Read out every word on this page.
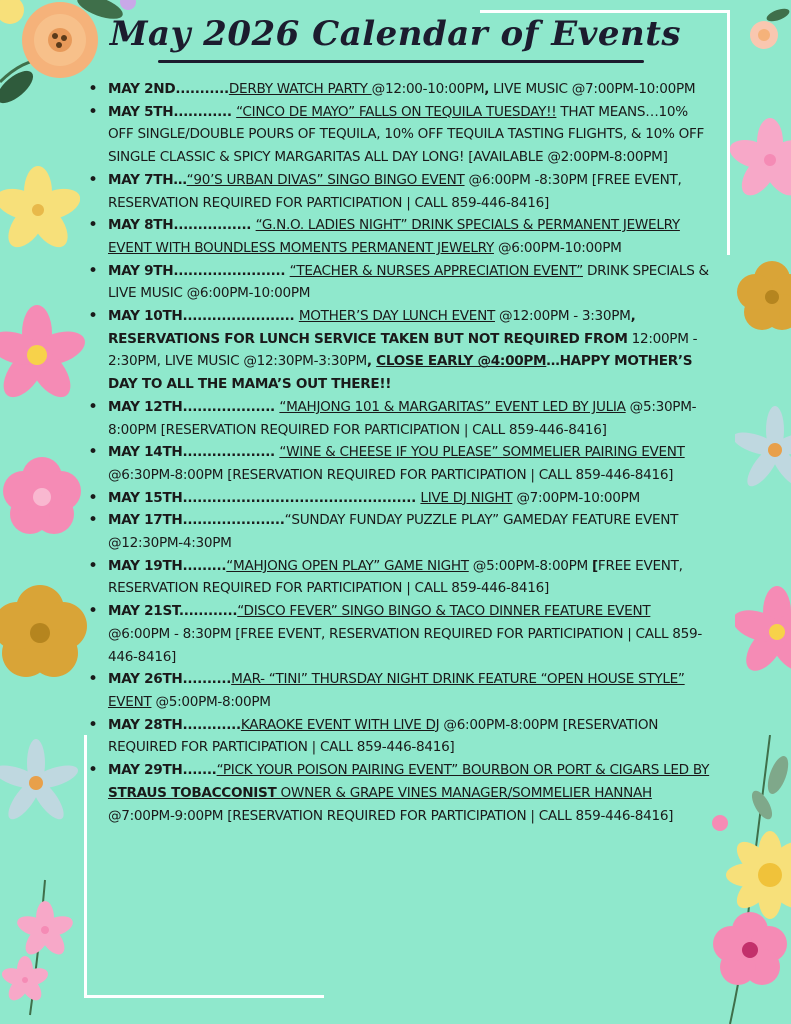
May 2026 Calendar of Events
• MAY 2ND...........DERBY WATCH PARTY @12:00-10:00PM, LIVE MUSIC @7:00PM-10:00PM
• MAY 5TH............ “CINCO DE MAYO” FALLS ON TEQUILA TUESDAY!! THAT MEANS…10% OFF SINGLE/DOUBLE POURS OF TEQUILA, 10% OFF TEQUILA TASTING FLIGHTS, & 10% OFF SINGLE CLASSIC & SPICY MARGARITAS ALL DAY LONG! [AVAILABLE @2:00PM-8:00PM]
• MAY 7TH…“90’S URBAN DIVAS” SINGO BINGO EVENT @6:00PM -8:30PM [FREE EVENT, RESERVATION REQUIRED FOR PARTICIPATION | CALL 859-446-8416]
• MAY 8TH................ “G.N.O. LADIES NIGHT” DRINK SPECIALS & PERMANENT JEWELRY EVENT WITH BOUNDLESS MOMENTS PERMANENT JEWELRY @6:00PM-10:00PM
• MAY 9TH....................... “TEACHER & NURSES APPRECIATION EVENT” DRINK SPECIALS & LIVE MUSIC @6:00PM-10:00PM
• MAY 10TH....................... MOTHER’S DAY LUNCH EVENT @12:00PM - 3:30PM, RESERVATIONS FOR LUNCH SERVICE TAKEN BUT NOT REQUIRED FROM 12:00PM - 2:30PM, LIVE MUSIC @12:30PM-3:30PM, CLOSE EARLY @4:00PM…HAPPY MOTHER’S DAY TO ALL THE MAMA’S OUT THERE!!
• MAY 12TH................... “MAHJONG 101 & MARGARITAS” EVENT LED BY JULIA @5:30PM-8:00PM [RESERVATION REQUIRED FOR PARTICIPATION | CALL 859-446-8416]
• MAY 14TH................... “WINE & CHEESE IF YOU PLEASE” SOMMELIER PAIRING EVENT @6:30PM-8:00PM [RESERVATION REQUIRED FOR PARTICIPATION | CALL 859-446-8416]
• MAY 15TH................................................ LIVE DJ NIGHT @7:00PM-10:00PM
• MAY 17TH.....................“SUNDAY FUNDAY PUZZLE PLAY” GAMEDAY FEATURE EVENT @12:30PM-4:30PM
• MAY 19TH.........“MAHJONG OPEN PLAY” GAME NIGHT @5:00PM-8:00PM [FREE EVENT, RESERVATION REQUIRED FOR PARTICIPATION | CALL 859-446-8416]
• MAY 21ST............“DISCO FEVER” SINGO BINGO & TACO DINNER FEATURE EVENT @6:00PM - 8:30PM [FREE EVENT, RESERVATION REQUIRED FOR PARTICIPATION | CALL 859-446-8416]
• MAY 26TH..........MAR- “TINI” THURSDAY NIGHT DRINK FEATURE “OPEN HOUSE STYLE” EVENT @5:00PM-8:00PM
• MAY 28TH............KARAOKE EVENT WITH LIVE DJ @6:00PM-8:00PM [RESERVATION REQUIRED FOR PARTICIPATION | CALL 859-446-8416]
• MAY 29TH.......“PICK YOUR POISON PAIRING EVENT” BOURBON OR PORT & CIGARS LED BY STRAUS TOBACCONIST OWNER & GRAPE VINES MANAGER/SOMMELIER HANNAH @7:00PM-9:00PM [RESERVATION REQUIRED FOR PARTICIPATION | CALL 859-446-8416]
